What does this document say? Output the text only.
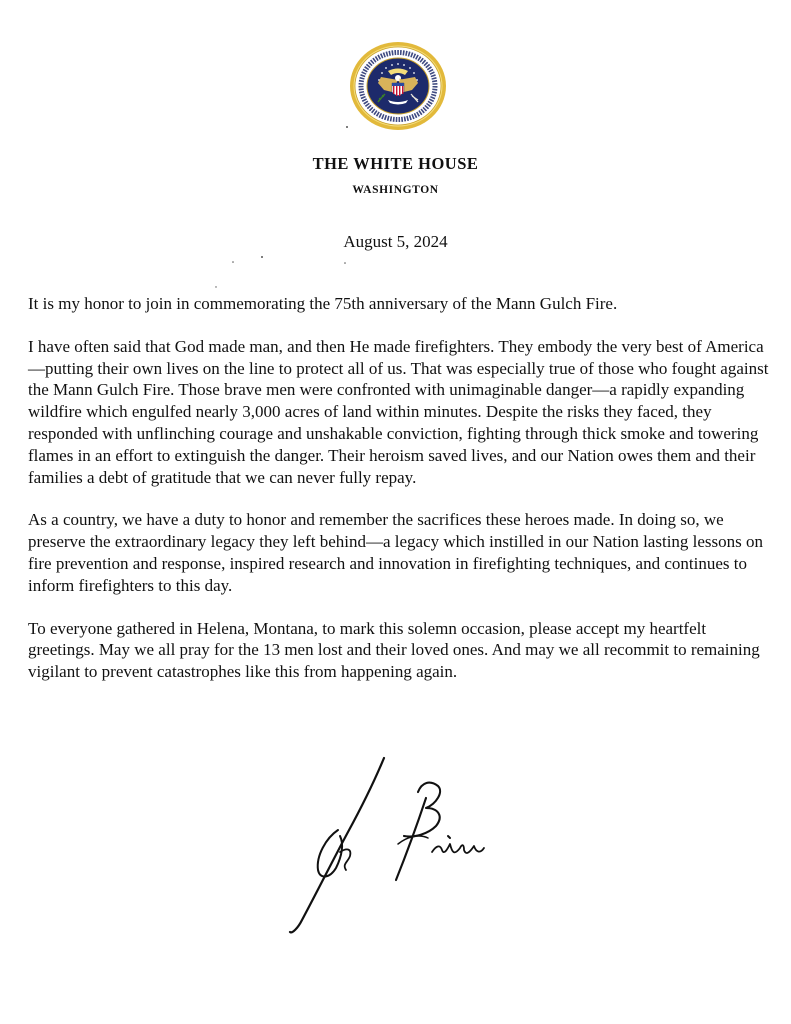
THE WHITE HOUSE
WASHINGTON
August 5, 2024

It is my honor to join in commemorating the 75th anniversary of the Mann Gulch Fire.

I have often said that God made man, and then He made firefighters. They embody the very best of America—putting their own lives on the line to protect all of us. That was especially true of those who fought against the Mann Gulch Fire. Those brave men were confronted with unimaginable danger—a rapidly expanding wildfire which engulfed nearly 3,000 acres of land within minutes. Despite the risks they faced, they responded with unflinching courage and unshakable conviction, fighting through thick smoke and towering flames in an effort to extinguish the danger. Their heroism saved lives, and our Nation owes them and their families a debt of gratitude that we can never fully repay.

As a country, we have a duty to honor and remember the sacrifices these heroes made. In doing so, we preserve the extraordinary legacy they left behind—a legacy which instilled in our Nation lasting lessons on fire prevention and response, inspired research and innovation in firefighting techniques, and continues to inform firefighters to this day.

To everyone gathered in Helena, Montana, to mark this solemn occasion, please accept my heartfelt greetings. May we all pray for the 13 men lost and their loved ones. And may we all recommit to remaining vigilant to prevent catastrophes like this from happening again.
